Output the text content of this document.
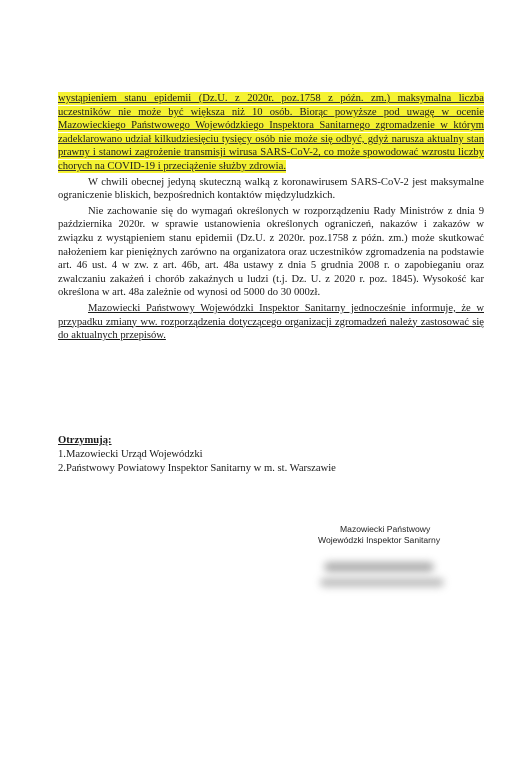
wystąpieniem stanu epidemii (Dz.U. z 2020r. poz.1758 z późn. zm.) maksymalna liczba uczestników nie może być większa niż 10 osób. Biorąc powyższe pod uwagę w ocenie Mazowieckiego Państwowego Wojewódzkiego Inspektora Sanitarnego zgromadzenie w którym zadeklarowano udział kilkudziesięciu tysięcy osób nie może się odbyć, gdyż narusza aktualny stan prawny i stanowi zagrożenie transmisji wirusa SARS-CoV-2, co może spowodować wzrostu liczby chorych na COVID-19 i przeciążenie służby zdrowia.

W chwili obecnej jedyną skuteczną walką z koronawirusem SARS-CoV-2 jest maksymalne ograniczenie bliskich, bezpośrednich kontaktów międzyludzkich.

Nie zachowanie się do wymagań określonych w rozporządzeniu Rady Ministrów z dnia 9 października 2020r. w sprawie ustanowienia określonych ograniczeń, nakazów i zakazów w związku z wystąpieniem stanu epidemii (Dz.U. z 2020r. poz.1758 z późn. zm.) może skutkować nałożeniem kar pieniężnych zarówno na organizatora oraz uczestników zgromadzenia na podstawie art. 46 ust. 4 w zw. z art. 46b, art. 48a ustawy z dnia 5 grudnia 2008 r. o zapobieganiu oraz zwalczaniu zakażeń i chorób zakaźnych u ludzi (t.j. Dz. U. z 2020 r. poz. 1845). Wysokość kar określona w art. 48a zależnie od wynosi od 5000 do 30 000zł.

Mazowiecki Państwowy Wojewódzki Inspektor Sanitarny jednocześnie informuje, że w przypadku zmiany ww. rozporządzenia dotyczącego organizacji zgromadzeń należy zastosować się do aktualnych przepisów.

Otrzymują:
1.Mazowiecki Urząd Wojewódzki
2.Państwowy Powiatowy Inspektor Sanitarny w m. st. Warszawie
Mazowiecki Państwowy
Wojewódzki Inspektor Sanitarny
